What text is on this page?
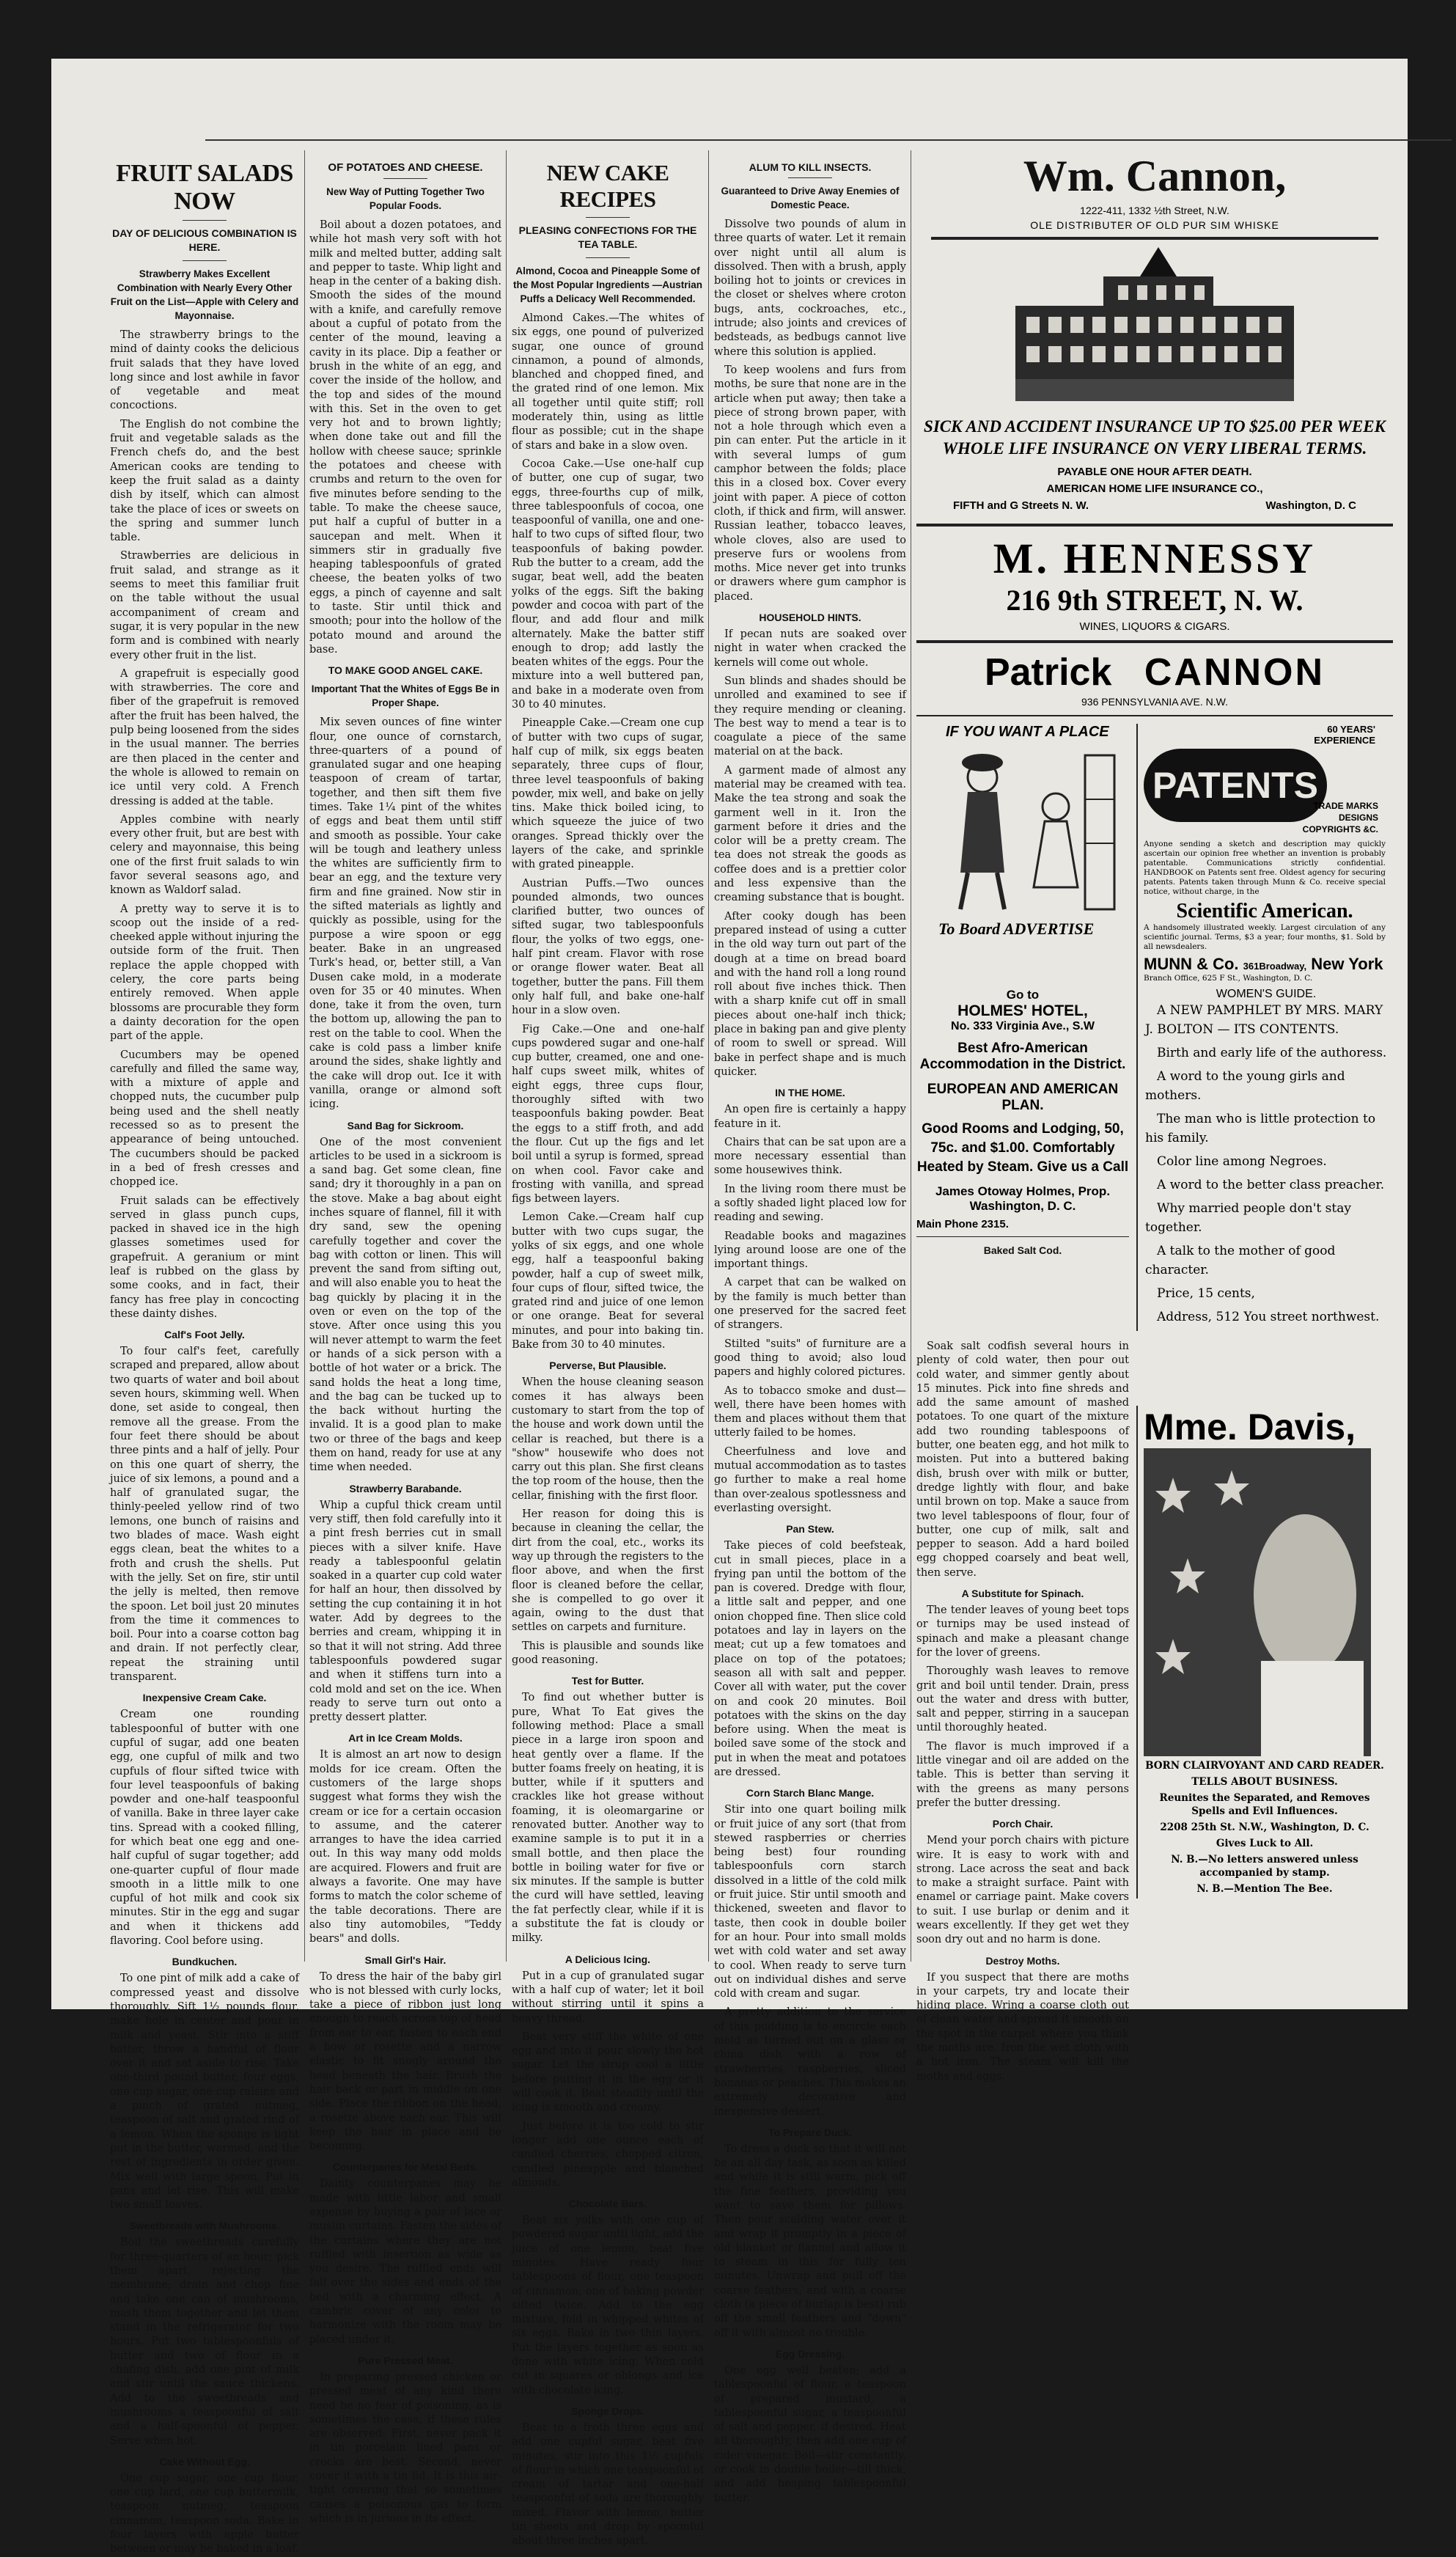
FRUIT SALADS NOW
DAY OF DELICIOUS COMBINATION IS HERE.
Strawberry Makes Excellent Combination with Nearly Every Other Fruit on the List—Apple with Celery and Mayonnaise.

The strawberry brings to the mind of dainty cooks the delicious fruit salads that they have loved long since and lost awhile in favor of vegetable and meat concoctions.

The English do not combine the fruit and vegetable salads as the French chefs do, and the best American cooks are tending to keep the fruit salad as a dainty dish by itself, which can almost take the place of ices or sweets on the spring and summer lunch table.

Strawberries are delicious in fruit salad, and strange as it seems to meet this familiar fruit on the table without the usual accompaniment of cream and sugar, it is very popular in the new form and is combined with nearly every other fruit in the list.

A grapefruit is especially good with strawberries. The core and fiber of the grapefruit is removed after the fruit has been halved, the pulp being loosened from the sides in the usual manner. The berries are then placed in the center and the whole is allowed to remain on ice until very cold. A French dressing is added at the table.

Apples combine with nearly every other fruit, but are best with celery and mayonnaise, this being one of the first fruit salads to win favor several seasons ago, and known as Waldorf salad.

A pretty way to serve it is to scoop out the inside of a red-cheeked apple without injuring the outside form of the fruit. Then replace the apple chopped with celery, the core parts being entirely removed. When apple blossoms are procurable they form a dainty decoration for the open part of the apple.

Cucumbers may be opened carefully and filled the same way, with a mixture of apple and chopped nuts, the cucumber pulp being used and the shell neatly recessed so as to present the appearance of being untouched. The cucumbers should be packed in a bed of fresh cresses and chopped ice.

Fruit salads can be effectively served in glass punch cups, packed in shaved ice in the high glasses sometimes used for grapefruit. A geranium or mint leaf is rubbed on the glass by some cooks, and in fact, their fancy has free play in concocting these dainty dishes.

Calf's Foot Jelly.

To four calf's feet, carefully scraped and prepared, allow about two quarts of water and boil about seven hours, skimming well. When done, set aside to congeal, then remove all the grease. From the four feet there should be about three pints and a half of jelly. Pour on this one quart of sherry, the juice of six lemons, a pound and a half of granulated sugar, the thinly-peeled yellow rind of two lemons, one bunch of raisins and two blades of mace. Wash eight eggs clean, beat the whites to a froth and crush the shells. Put with the jelly. Set on fire, stir until the jelly is melted, then remove the spoon. Let boil just 20 minutes from the time it commences to boil. Pour into a coarse cotton bag and drain. If not perfectly clear, repeat the straining until transparent.

Inexpensive Cream Cake.

Cream one rounding tablespoonful of butter with one cupful of sugar, add one beaten egg, one cupful of milk and two cupfuls of flour sifted twice with four level teaspoonfuls of baking powder and one-half teaspoonful of vanilla. Bake in three layer cake tins. Spread with a cooked filling, for which beat one egg and one-half cupful of sugar together; add one-quarter cupful of flour made smooth in a little milk to one cupful of hot milk and cook six minutes. Stir in the egg and sugar and when it thickens add flavoring. Cool before using.

Bundkuchen.

To one pint of milk add a cake of compressed yeast and dissolve thoroughly. Sift 1½ pounds flour, make hole in center and pour in milk and yeast. Stir into a stiff batter, throw a handful of flour over it and set aside to rise. Take one-third pound butter, four eggs, one cup sugar, one cup raisins and a pinch of grated nutmeg, teaspoon of salt and grated rind of a lemon. When the sponge is light put in the butter, warmed, and the rest of ingredients in order given. Mix well with large spoon. Put in pans and let rise. This will make two small loaves.

Sweetbreads with Mushrooms.

Boil the sweetbreads carefully for three-quarters of an hour; pick them apart, rejecting the membrane; drain and chop fine and take one can of mushrooms, mash them together and let them stand in the refrigerator for two hours. Put two tablespoonfuls of butter and two of flour in a chafing dish, add one pint of milk and stir until the sauce thickens. Add to the sweetbreads and mushrooms a teaspoonful of salt and a half-spoonful of pepper. Serve when hot.

Cake Without Egg.

One cup sugar, one cup flour, one cup lard, one cup buttermilk, teaspoon nutmeg, teaspoon cinnamon, teaspoon soda. Bake in four layers with apple butter between or may be baked in a loaf.

OF POTATOES AND CHEESE.
New Way of Putting Together Two Popular Foods.

Boil about a dozen potatoes, and while hot mash very soft with hot milk and melted butter, adding salt and pepper to taste. Whip light and heap in the center of a baking dish. Smooth the sides of the mound with a knife, and carefully remove about a cupful of potato from the center of the mound, leaving a cavity in its place. Dip a feather or brush in the white of an egg, and cover the inside of the hollow, and the top and sides of the mound with this. Set in the oven to get very hot and to brown lightly; when done take out and fill the hollow with cheese sauce; sprinkle the potatoes and cheese with crumbs and return to the oven for five minutes before sending to the table. To make the cheese sauce, put half a cupful of butter in a saucepan and melt. When it simmers stir in gradually five heaping tablespoonfuls of grated cheese, the beaten yolks of two eggs, a pinch of cayenne and salt to taste. Stir until thick and smooth; pour into the hollow of the potato mound and around the base.

TO MAKE GOOD ANGEL CAKE.
Important That the Whites of Eggs Be in Proper Shape.

Mix seven ounces of fine winter flour, one ounce of cornstarch, three-quarters of a pound of granulated sugar and one heaping teaspoon of cream of tartar, together, and then sift them five times. Take 1¼ pint of the whites of eggs and beat them until stiff and smooth as possible. Your cake will be tough and leathery unless the whites are sufficiently firm to bear an egg, and the texture very firm and fine grained. Now stir in the sifted materials as lightly and quickly as possible, using for the purpose a wire spoon or egg beater. Bake in an ungreased Turk's head, or, better still, a Van Dusen cake mold, in a moderate oven for 35 or 40 minutes. When done, take it from the oven, turn the bottom up, allowing the pan to rest on the table to cool. When the cake is cold pass a limber knife around the sides, shake lightly and the cake will drop out. Ice it with vanilla, orange or almond soft icing.

Sand Bag for Sickroom.

One of the most convenient articles to be used in a sickroom is a sand bag. Get some clean, fine sand; dry it thoroughly in a pan on the stove. Make a bag about eight inches square of flannel, fill it with dry sand, sew the opening carefully together and cover the bag with cotton or linen. This will prevent the sand from sifting out, and will also enable you to heat the bag quickly by placing it in the oven or even on the top of the stove. After once using this you will never attempt to warm the feet or hands of a sick person with a bottle of hot water or a brick. The sand holds the heat a long time, and the bag can be tucked up to the back without hurting the invalid. It is a good plan to make two or three of the bags and keep them on hand, ready for use at any time when needed.

Strawberry Barabande.

Whip a cupful thick cream until very stiff, then fold carefully into it a pint fresh berries cut in small pieces with a silver knife. Have ready a tablespoonful gelatin soaked in a quarter cup cold water for half an hour, then dissolved by setting the cup containing it in hot water. Add by degrees to the berries and cream, whipping it in so that it will not string. Add three tablespoonfuls powdered sugar and when it stiffens turn into a cold mold and set on the ice. When ready to serve turn out onto a pretty dessert platter.

Art in Ice Cream Molds.

It is almost an art now to design molds for ice cream. Often the customers of the large shops suggest what forms they wish the cream or ice for a certain occasion to assume, and the caterer arranges to have the idea carried out. In this way many odd molds are acquired. Flowers and fruit are always a favorite. One may have forms to match the color scheme of the table decorations. There are also tiny automobiles, "Teddy bears" and dolls.

Small Girl's Hair.

To dress the hair of the baby girl who is not blessed with curly locks, take a piece of ribbon just long enough to reach across top of head from ear to ear, fasten to each end a bow or rosette and a narrow elastic to fit snugly around the head beneath the hair. Brush the hair back or part in middle on one side. Place the ribbon on the head, a rosette above each ear. This will keep the hair in place and be becoming.

Counterpanes for Metal Beds.

Dainty counterpanes may be made with little labor and small expense by buying a pair of lace or muslin curtains. Fasten the sides of the curtains where they are not ruffled with insertion as wide as you desire. The ruffled ends will fall over the sides and ends of the bed with a charming effect. A cambric cover of any color to harmonize with the room may be placed under it.

Pure Pressed Meat.

In preparing pressed chicken or pressed meat of any kind there need be no fear of poisoning, as is sometimes the case, if these rules are observed: First, never pack it in tin porcelain lined pans or crocks are best. Second, never cover it with a tin lid. It is this air-tight covering that so sometimes causes a poisonous gas to form which is in jurious in its effect.

NEW CAKE RECIPES
PLEASING CONFECTIONS FOR THE TEA TABLE.
Almond, Cocoa and Pineapple Some of the Most Popular Ingredients —Austrian Puffs a Delicacy Well Recommended.

Almond Cakes.—The whites of six eggs, one pound of pulverized sugar, one ounce of ground cinnamon, a pound of almonds, blanched and chopped fined, and the grated rind of one lemon. Mix all together until quite stiff; roll moderately thin, using as little flour as possible; cut in the shape of stars and bake in a slow oven.

Cocoa Cake.—Use one-half cup of butter, one cup of sugar, two eggs, three-fourths cup of milk, three tablespoonfuls of cocoa, one teaspoonful of vanilla, one and one-half to two cups of sifted flour, two teaspoonfuls of baking powder. Rub the butter to a cream, add the sugar, beat well, add the beaten yolks of the eggs. Sift the baking powder and cocoa with part of the flour, and add flour and milk alternately. Make the batter stiff enough to drop; add lastly the beaten whites of the eggs. Pour the mixture into a well buttered pan, and bake in a moderate oven from 30 to 40 minutes.

Pineapple Cake.—Cream one cup of butter with two cups of sugar, half cup of milk, six eggs beaten separately, three cups of flour, three level teaspoonfuls of baking powder, mix well, and bake on jelly tins. Make thick boiled icing, to which squeeze the juice of two oranges. Spread thickly over the layers of the cake, and sprinkle with grated pineapple.

Austrian Puffs.—Two ounces pounded almonds, two ounces clarified butter, two ounces of sifted sugar, two tablespoonfuls flour, the yolks of two eggs, one-half pint cream. Flavor with rose or orange flower water. Beat all together, butter the pans. Fill them only half full, and bake one-half hour in a slow oven.

Fig Cake.—One and one-half cups powdered sugar and one-half cup butter, creamed, one and one-half cups sweet milk, whites of eight eggs, three cups flour, thoroughly sifted with two teaspoonfuls baking powder. Beat the eggs to a stiff froth, and add the flour. Cut up the figs and let boil until a syrup is formed, spread on when cool. Favor cake and frosting with vanilla, and spread figs between layers.

Lemon Cake.—Cream half cup butter with two cups sugar, the yolks of six eggs, and one whole egg, half a teaspoonful baking powder, half a cup of sweet milk, four cups of flour, sifted twice, the grated rind and juice of one lemon or one orange. Beat for several minutes, and pour into baking tin. Bake from 30 to 40 minutes.

Perverse, But Plausible.

When the house cleaning season comes it has always been customary to start from the top of the house and work down until the cellar is reached, but there is a "show" housewife who does not carry out this plan. She first cleans the top room of the house, then the cellar, finishing with the first floor.

Her reason for doing this is because in cleaning the cellar, the dirt from the coal, etc., works its way up through the registers to the floor above, and when the first floor is cleaned before the cellar, she is compelled to go over it again, owing to the dust that settles on carpets and furniture.

This is plausible and sounds like good reasoning.

Test for Butter.

To find out whether butter is pure, What To Eat gives the following method: Place a small piece in a large iron spoon and heat gently over a flame. If the butter foams freely on heating, it is butter, while if it sputters and crackles like hot grease without foaming, it is oleomargarine or renovated butter. Another way to examine sample is to put it in a small bottle, and then place the bottle in boiling water for five or six minutes. If the sample is butter the curd will have settled, leaving the fat perfectly clear, while if it is a substitute the fat is cloudy or milky.

A Delicious Icing.

Put in a cup of granulated sugar with a half cup of water; let it boil without stirring until it spins a heavy thread.

Beat very stiff the white of one egg and into it pour slowly the hot sugar. Let the sirup cool a little before putting it in the egg or it will cook it. Beat steadily until the icing is smooth and creamy.

Just before it is too cold to stir longer add one ounce each of candied cherries, chopped citron, candied pineapple and blanched almonds.

Chocolate Bars.

Beat six yolks with one cup of powdered sugar until light, add the juice of one lemon, beat five minutes. Have ready four tablespoons of flour, one teaspoon of cinnamon, one of baking powder sifted twice. Add to the egg mixture, fold in whipped whites of six eggs. Bake in two thin layers. Put the layers together as soon as done with white icing. When cold cut in squares or oblongs and ice with chocolate icing.

Sponge Drops.

Beat to a froth three eggs and add one cupful sugar, beat five minutes, stir into this 1½ cupfuls of flour in which one teaspoonful of cream of tartar and one-half teaspoonful of soda are thoroughly mixed. Flavor with lemon, butter tin sheets and drop by spoonful about three inches apart.

ALUM TO KILL INSECTS.
Guaranteed to Drive Away Enemies of Domestic Peace.

Dissolve two pounds of alum in three quarts of water. Let it remain over night until all alum is dissolved. Then with a brush, apply boiling hot to joints or crevices in the closet or shelves where croton bugs, ants, cockroaches, etc., intrude; also joints and crevices of bedsteads, as bedbugs cannot live where this solution is applied.

To keep woolens and furs from moths, be sure that none are in the article when put away; then take a piece of strong brown paper, with not a hole through which even a pin can enter. Put the article in it with several lumps of gum camphor between the folds; place this in a closed box. Cover every joint with paper. A piece of cotton cloth, if thick and firm, will answer. Russian leather, tobacco leaves, whole cloves, also are used to preserve furs or woolens from moths. Mice never get into trunks or drawers where gum camphor is placed.

HOUSEHOLD HINTS.

If pecan nuts are soaked over night in water when cracked the kernels will come out whole.

Sun blinds and shades should be unrolled and examined to see if they require mending or cleaning. The best way to mend a tear is to coagulate a piece of the same material on at the back.

A garment made of almost any material may be creamed with tea. Make the tea strong and soak the garment well in it. Iron the garment before it dries and the color will be a pretty cream. The tea does not streak the goods as coffee does and is a prettier color and less expensive than the creaming substance that is bought.

After cooky dough has been prepared instead of using a cutter in the old way turn out part of the dough at a time on bread board and with the hand roll a long round roll about five inches thick. Then with a sharp knife cut off in small pieces about one-half inch thick; place in baking pan and give plenty of room to swell or spread. Will bake in perfect shape and is much quicker.

IN THE HOME.

An open fire is certainly a happy feature in it.

Chairs that can be sat upon are a more necessary essential than some housewives think.

In the living room there must be a softly shaded light placed low for reading and sewing.

Readable books and magazines lying around loose are one of the important things.

A carpet that can be walked on by the family is much better than one preserved for the sacred feet of strangers.

Stilted "suits" of furniture are a good thing to avoid; also loud papers and highly colored pictures.

As to tobacco smoke and dust—well, there have been homes with them and places without them that utterly failed to be homes.

Cheerfulness and love and mutual accommodation as to tastes go further to make a real home than over-zealous spotlessness and everlasting oversight.

Pan Stew.

Take pieces of cold beefsteak, cut in small pieces, place in a frying pan until the bottom of the pan is covered. Dredge with flour, a little salt and pepper, and one onion chopped fine. Then slice cold potatoes and lay in layers on the meat; cut up a few tomatoes and place on top of the potatoes; season all with salt and pepper. Cover all with water, put the cover on and cook 20 minutes. Boil potatoes with the skins on the day before using. When the meat is boiled save some of the stock and put in when the meat and potatoes are dressed.

Corn Starch Blanc Mange.

Stir into one quart boiling milk or fruit juice of any sort (that from stewed raspberries or cherries being best) four rounding tablespoonfuls corn starch dissolved in a little of the cold milk or fruit juice. Stir until smooth and thickened, sweeten and flavor to taste, then cook in double boiler for an hour. Pour into small molds wet with cold water and set away to cool. When ready to serve turn out on individual dishes and serve cold with cream and sugar.

A pretty addition to the service of this pudding is to encircle each mold as turned out on a glass or china dish with a row of strawberries, raspberries, sliced bananas or peaches. This makes an extremely decorative and inexpensive dessert.

To Prepare Duck.

To dress a duck so that it will not be an all day task, as soon as killed and while it is still warm, pick off the fine feathers, providing you want to save them for pillows. Then pour scalding water over it and wrap it promptly in a piece of old blanket or flannel and allow it to steam in this for fully ten minutes. Unwrap and pull off the coarse feathers, and with a coarse cloth (a piece of burlap is best) rub off the small feathers and "down" off it with almost no trouble.

Egg Dressing.

One egg well beaten; add a tablespoonful of flour, a teaspoon of prepared mustard, a tablespoonful sugar, a teaspoonful of salt and pepper, if desired. Heat all thoroughly, then add one cup of cider vinegar. Boil—stir constantly, or cook in double boiler—till thick, and add heaping tablespoonful butter.

Wm. Cannon,
1222-411, 1332 ½th Street, N.W.
OLE DISTRIBUTER OF OLD PUR SIM WHISKE
SICK AND ACCIDENT INSURANCE UP TO $25.00 PER WEEK
WHOLE LIFE INSURANCE ON VERY LIBERAL TERMS.
PAYABLE ONE HOUR AFTER DEATH.
AMERICAN HOME LIFE INSURANCE CO.,
FIFTH and G Streets N. W.	Washington, D. C
M. HENNESSY
216 9th STREET, N. W.
WINES, LIQUORS & CIGARS.
Patrick CANNON
936 PENNSYLVANIA AVE. N.W.
IF YOU WANT A PLACE
To Board ADVERTISE
60 YEARS' EXPERIENCE
PATENTS
TRADE MARKS DESIGNS COPYRIGHTS &C.
Anyone sending a sketch and description may quickly ascertain our opinion free whether an invention is probably patentable. Communications strictly confidential. HANDBOOK on Patents sent free. Oldest agency for securing patents. Patents taken through Munn & Co. receive special notice, without charge, in the
Scientific American.
A handsomely illustrated weekly. Largest circulation of any scientific journal. Terms, $3 a year; four months, $1. Sold by all newsdealers.
MUNN & Co. 361Broadway, New York
Branch Office, 625 F St., Washington, D. C.
Go to
HOLMES' HOTEL,
No. 333 Virginia Ave., S.W
Best Afro-American Accommodation in the District.
EUROPEAN AND AMERICAN PLAN.
Good Rooms and Lodging, 50, 75c. and $1.00. Comfortably Heated by Steam. Give us a Call
James Otoway Holmes, Prop.
Washington, D. C.
Main Phone 2315.
Baked Salt Cod.
WOMEN'S GUIDE.

A NEW PAMPHLET BY MRS. MARY J. BOLTON — ITS CONTENTS.

Birth and early life of the authoress.

A word to the young girls and mothers.

The man who is little protection to his family.

Color line among Negroes.

A word to the better class preacher.

Why married people don't stay together.

A talk to the mother of good character.

Price, 15 cents,

Address, 512 You street northwest.

Soak salt codfish several hours in plenty of cold water, then pour out cold water, and simmer gently about 15 minutes. Pick into fine shreds and add the same amount of mashed potatoes. To one quart of the mixture add two rounding tablespoons of butter, one beaten egg, and hot milk to moisten. Put into a buttered baking dish, brush over with milk or butter, dredge lightly with flour, and bake until brown on top. Make a sauce from two level tablespoons of flour, four of butter, one cup of milk, salt and pepper to season. Add a hard boiled egg chopped coarsely and beat well, then serve.

A Substitute for Spinach.

The tender leaves of young beet tops or turnips may be used instead of spinach and make a pleasant change for the lover of greens.

Thoroughly wash leaves to remove grit and boil until tender. Drain, press out the water and dress with butter, salt and pepper, stirring in a saucepan until thoroughly heated.

The flavor is much improved if a little vinegar and oil are added on the table. This is better than serving it with the greens as many persons prefer the butter dressing.

Porch Chair.

Mend your porch chairs with picture wire. It is easy to work with and strong. Lace across the seat and back to make a straight surface. Paint with enamel or carriage paint. Make covers to suit. I use burlap or denim and it wears excellently. If they get wet they soon dry out and no harm is done.

Destroy Moths.

If you suspect that there are moths in your carpets, try and locate their hiding place. Wring a coarse cloth out of clean water and spread it smooth on the spot in the carpet where you think the moths are. Iron the wet cloth with a hot iron. The steam will kill the moths and eggs.

Mme. Davis,

BORN CLAIRVOYANT AND CARD READER.

TELLS ABOUT BUSINESS.

Reunites the Separated, and Removes Spells and Evil Influences.

2208 25th St. N.W., Washington, D. C.

Gives Luck to All.

N. B.—No letters answered unless accompanied by stamp.

N. B.—Mention The Bee.
